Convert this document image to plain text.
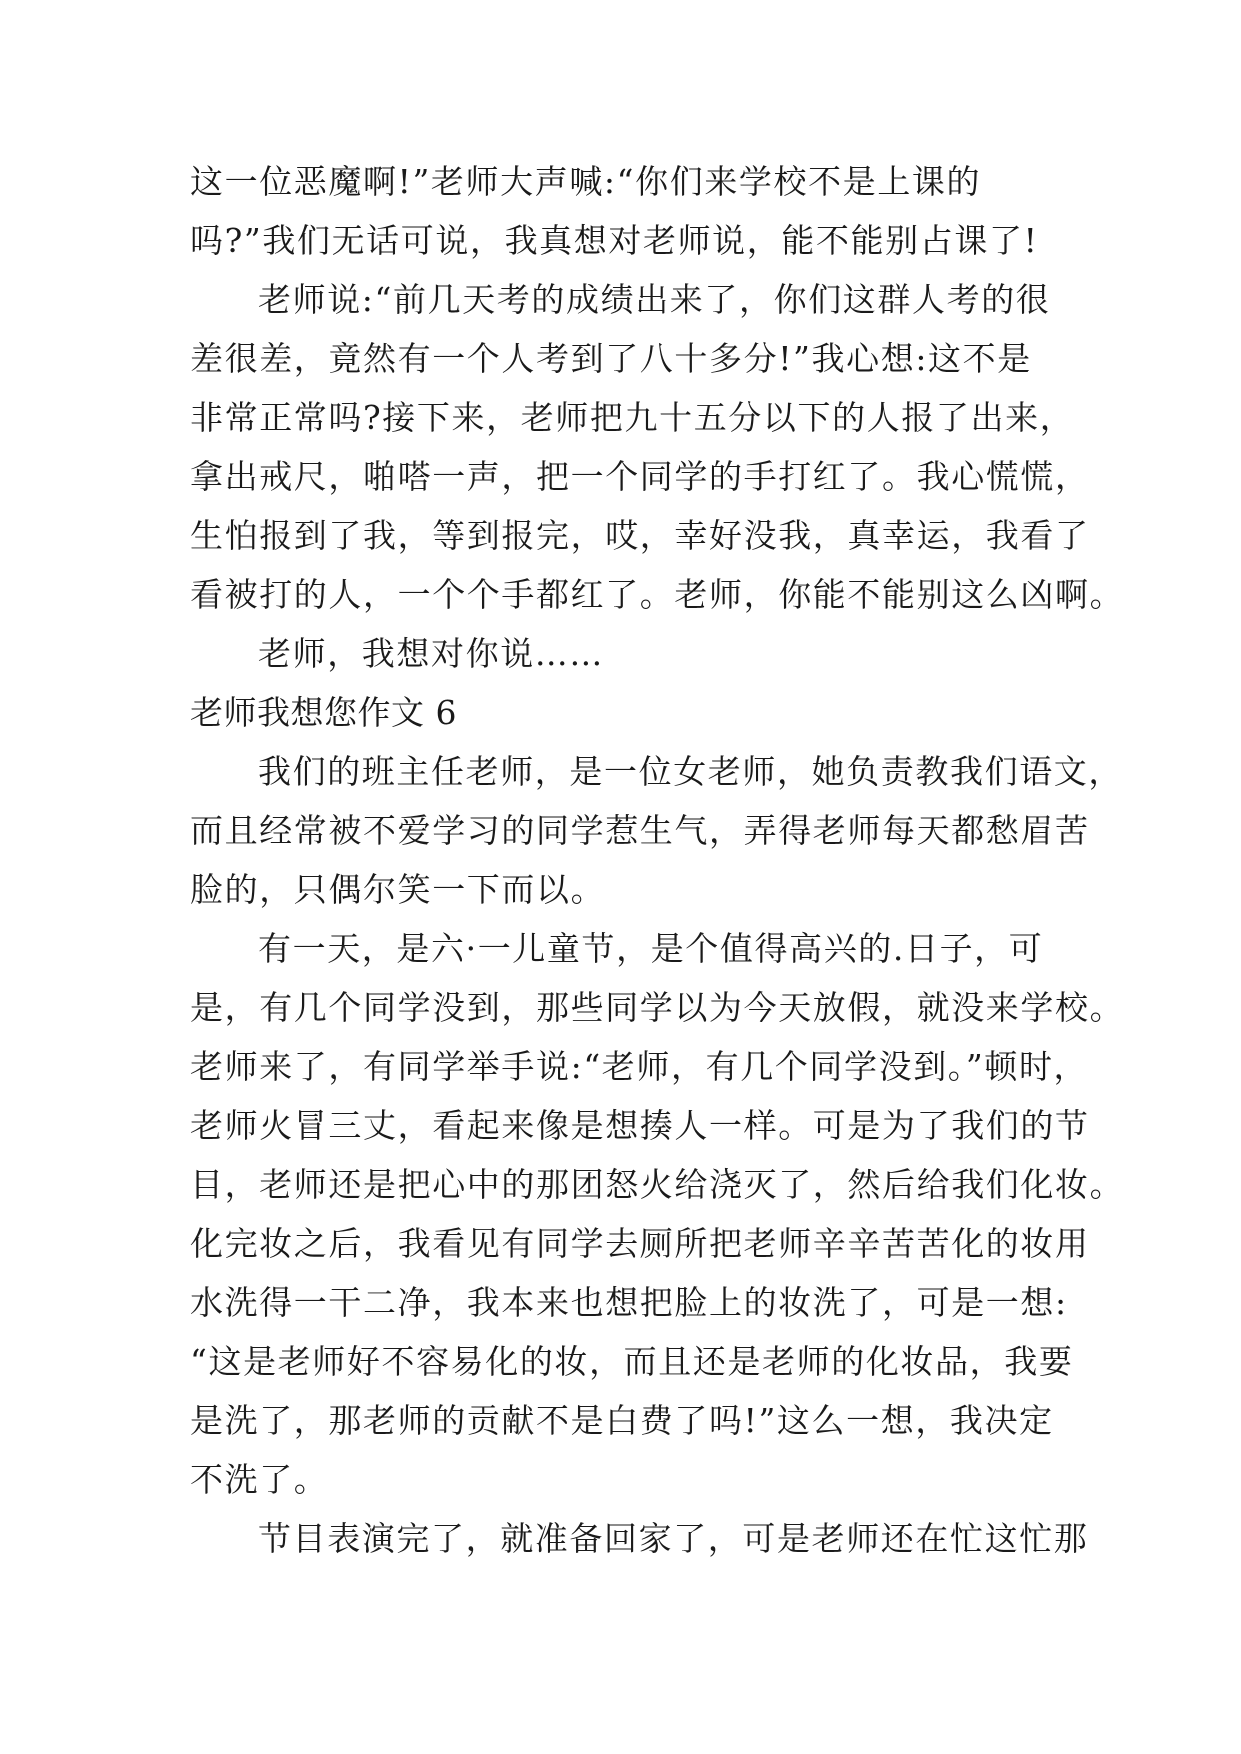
这一位恶魔啊!”老师大声喊:“你们来学校不是上课的
吗?”我们无话可说，我真想对老师说，能不能别占课了!
老师说:“前几天考的成绩出来了，你们这群人考的很
差很差，竟然有一个人考到了八十多分!”我心想:这不是
非常正常吗?接下来，老师把九十五分以下的人报了出来，
拿出戒尺，啪嗒一声，把一个同学的手打红了。我心慌慌，
生怕报到了我，等到报完，哎，幸好没我，真幸运，我看了
看被打的人，一个个手都红了。老师，你能不能别这么凶啊。
老师，我想对你说……
老师我想您作文 6
我们的班主任老师，是一位女老师，她负责教我们语文，
而且经常被不爱学习的同学惹生气，弄得老师每天都愁眉苦
脸的，只偶尔笑一下而以。
有一天，是六·一儿童节，是个值得高兴的.日子，可
是，有几个同学没到，那些同学以为今天放假，就没来学校。
老师来了，有同学举手说:“老师，有几个同学没到。”顿时，
老师火冒三丈，看起来像是想揍人一样。可是为了我们的节
目，老师还是把心中的那团怒火给浇灭了，然后给我们化妆。
化完妆之后，我看见有同学去厕所把老师辛辛苦苦化的妆用
水洗得一干二净，我本来也想把脸上的妆洗了，可是一想:
“这是老师好不容易化的妆，而且还是老师的化妆品，我要
是洗了，那老师的贡献不是白费了吗!”这么一想，我决定
不洗了。
节目表演完了，就准备回家了，可是老师还在忙这忙那
